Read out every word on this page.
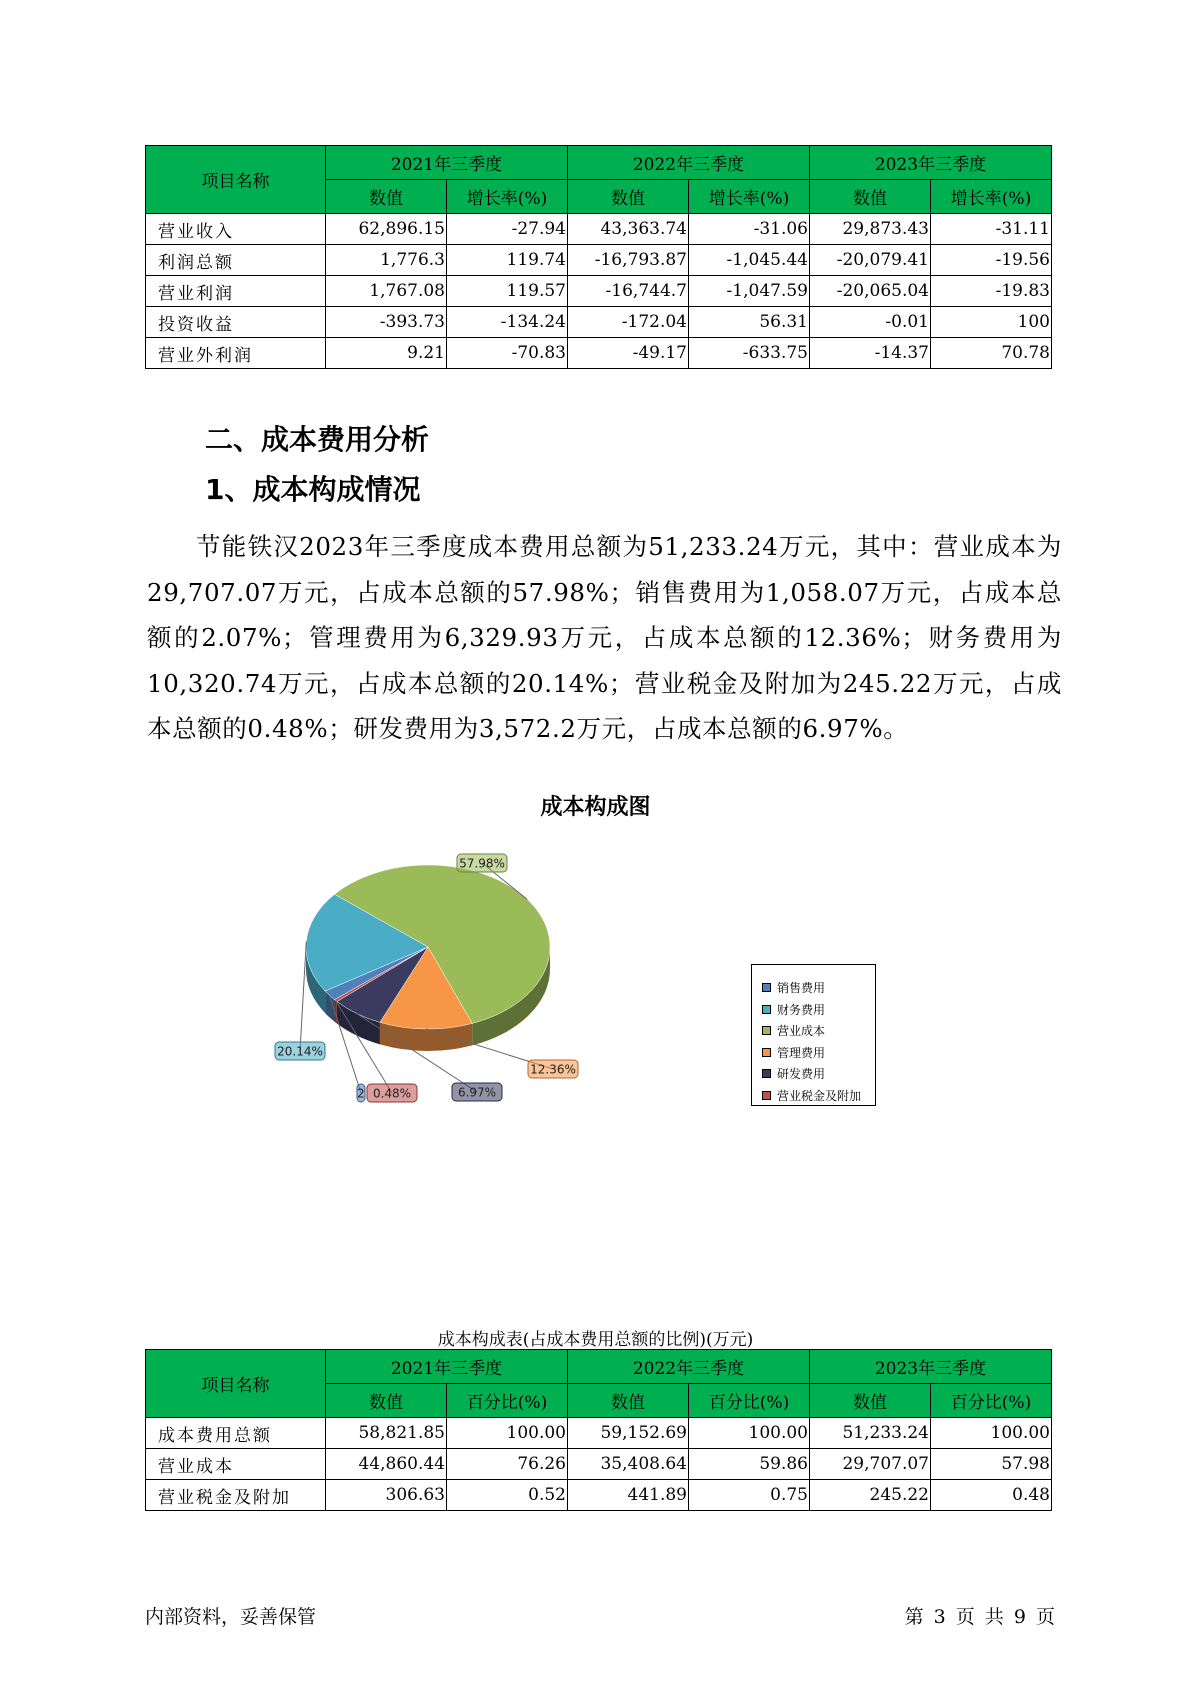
项目名称	2021年三季度		2022年三季度		2023年三季度	
	数值	增长率(%)	数值	增长率(%)	数值	增长率(%)
营业收入	62,896.15	-27.94	43,363.74	-31.06	29,873.43	-31.11
利润总额	1,776.3	119.74	-16,793.87	-1,045.44	-20,079.41	-19.56
营业利润	1,767.08	119.57	-16,744.7	-1,047.59	-20,065.04	-19.83
投资收益	-393.73	-134.24	-172.04	56.31	-0.01	100
营业外利润	9.21	-70.83	-49.17	-633.75	-14.37	70.78
二、成本费用分析
1、成本构成情况

节能铁汉2023年三季度成本费用总额为51,233.24万元，其中：营业成本为29,707.07万元，占成本总额的57.98%；销售费用为1,058.07万元，占成本总额的2.07%；管理费用为6,329.93万元，占成本总额的12.36%；财务费用为10,320.74万元，占成本总额的20.14%；营业税金及附加为245.22万元，占成本总额的0.48%；研发费用为3,572.2万元，占成本总额的6.97%。

成本构成图
57.98%
12.36%
6.97%
0.48%
2
20.14%
销售费用
财务费用
营业成本
管理费用
研发费用
营业税金及附加
成本构成表(占成本费用总额的比例)(万元)
项目名称	2021年三季度		2022年三季度		2023年三季度	
	数值	百分比(%)	数值	百分比(%)	数值	百分比(%)
成本费用总额	58,821.85	100.00	59,152.69	100.00	51,233.24	100.00
营业成本	44,860.44	76.26	35,408.64	59.86	29,707.07	57.98
营业税金及附加	306.63	0.52	441.89	0.75	245.22	0.48
内部资料，妥善保管	第 3 页 共 9 页
